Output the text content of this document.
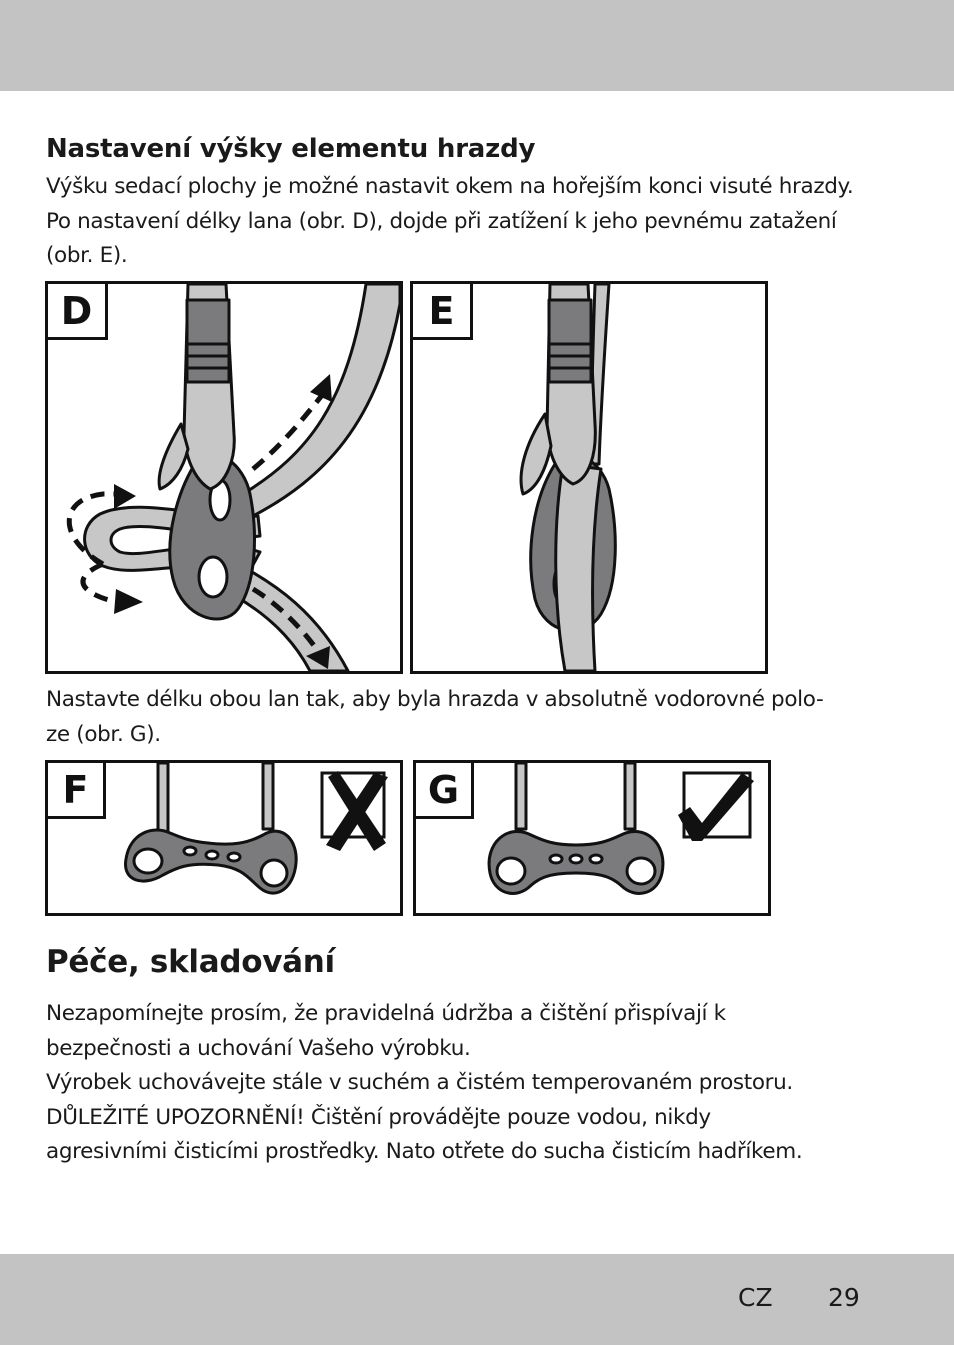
Nastavení výšky elementu hrazdy
Výšku sedací plochy je možné nastavit okem na hořejším konci visuté hrazdy.
Po nastavení délky lana (obr. D), dojde při zatížení k jeho pevnému zatažení
(obr. E).
D	E
Nastavte délku obou lan tak, aby byla hrazda v absolutně vodorovné polo-
ze (obr. G).
F	G
Péče, skladování
Nezapomínejte prosím, že pravidelná údržba a čištění přispívají k
bezpečnosti a uchování Vašeho výrobku.
Výrobek uchovávejte stále v suchém a čistém temperovaném prostoru.
DŮLEŽITÉ UPOZORNĚNÍ! Čištění provádějte pouze vodou, nikdy
agresivními čisticími prostředky. Nato otřete do sucha čisticím hadříkem.
CZ 29
